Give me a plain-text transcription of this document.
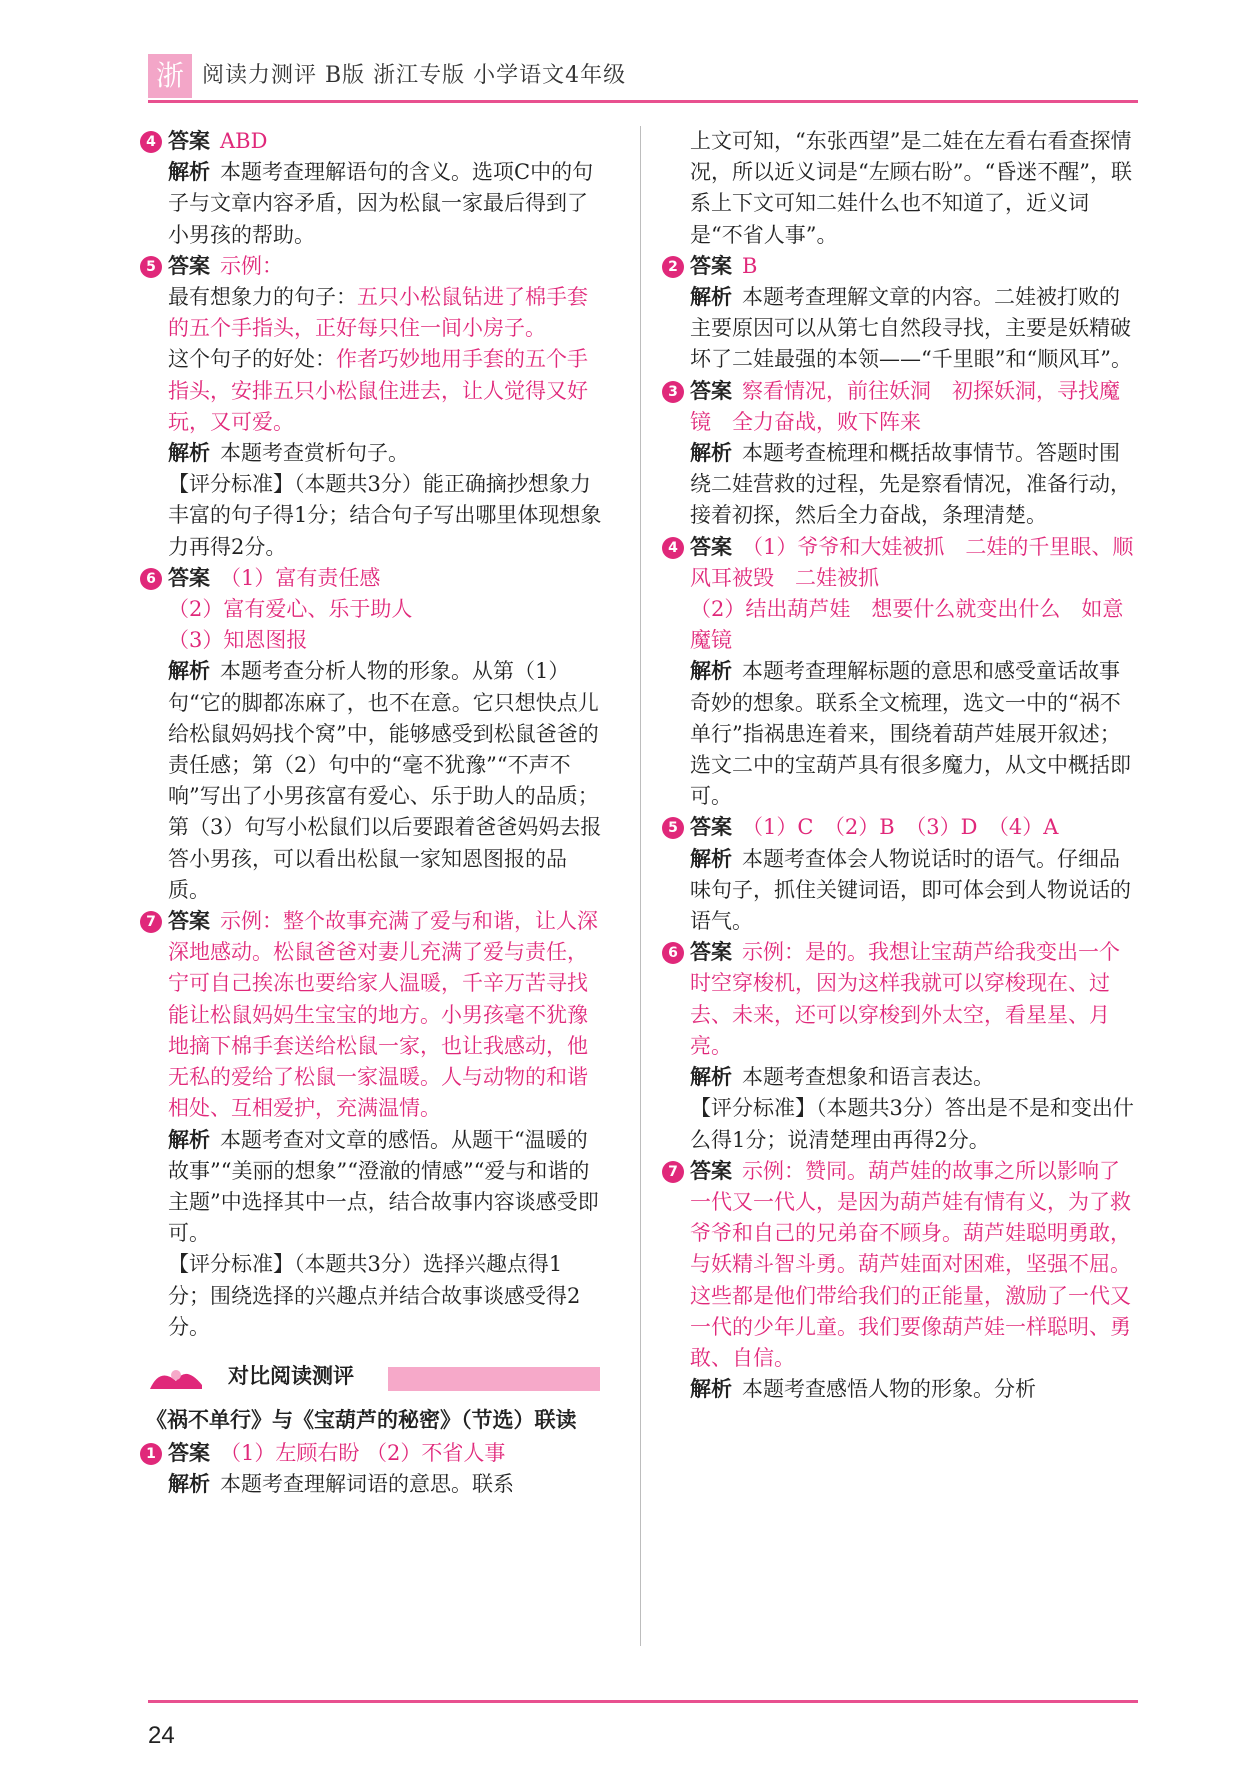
浙 阅读力测评 B版 浙江专版 小学语文4年级
4 答案 ABD

解析 本题考查理解语句的含义。选项C中的句子与文章内容矛盾，因为松鼠一家最后得到了小男孩的帮助。

5 答案 示例：

最有想象力的句子：五只小松鼠钻进了棉手套的五个手指头，正好每只住一间小房子。

这个句子的好处：作者巧妙地用手套的五个手指头，安排五只小松鼠住进去，让人觉得又好玩，又可爱。

解析 本题考查赏析句子。

【评分标准】（本题共3分）能正确摘抄想象力丰富的句子得1分；结合句子写出哪里体现想象力再得2分。

6 答案 （1）富有责任感

（2）富有爱心、乐于助人

（3）知恩图报

解析 本题考查分析人物的形象。从第（1）句“它的脚都冻麻了，也不在意。它只想快点儿给松鼠妈妈找个窝”中，能够感受到松鼠爸爸的责任感；第（2）句中的“毫不犹豫”“不声不响”写出了小男孩富有爱心、乐于助人的品质；第（3）句写小松鼠们以后要跟着爸爸妈妈去报答小男孩，可以看出松鼠一家知恩图报的品质。

7 答案 示例：整个故事充满了爱与和谐，让人深深地感动。松鼠爸爸对妻儿充满了爱与责任，宁可自己挨冻也要给家人温暖，千辛万苦寻找能让松鼠妈妈生宝宝的地方。小男孩毫不犹豫地摘下棉手套送给松鼠一家，也让我感动，他无私的爱给了松鼠一家温暖。人与动物的和谐相处、互相爱护，充满温情。

解析 本题考查对文章的感悟。从题干“温暖的故事”“美丽的想象”“澄澈的情感”“爱与和谐的主题”中选择其中一点，结合故事内容谈感受即可。

【评分标准】（本题共3分）选择兴趣点得1分；围绕选择的兴趣点并结合故事谈感受得2分。

对比阅读测评
《祸不单行》与《宝葫芦的秘密》（节选）联读
1 答案 （1）左顾右盼 （2）不省人事

解析 本题考查理解词语的意思。联系

上文可知，“东张西望”是二娃在左看右看查探情况，所以近义词是“左顾右盼”。“昏迷不醒”，联系上下文可知二娃什么也不知道了，近义词是“不省人事”。

2 答案 B

解析 本题考查理解文章的内容。二娃被打败的主要原因可以从第七自然段寻找，主要是妖精破坏了二娃最强的本领——“千里眼”和“顺风耳”。

3 答案 察看情况，前往妖洞　初探妖洞，寻找魔镜　全力奋战，败下阵来

解析 本题考查梳理和概括故事情节。答题时围绕二娃营救的过程，先是察看情况，准备行动，接着初探，然后全力奋战，条理清楚。

4 答案 （1）爷爷和大娃被抓　二娃的千里眼、顺风耳被毁　二娃被抓

（2）结出葫芦娃　想要什么就变出什么　如意　魔镜

解析 本题考查理解标题的意思和感受童话故事奇妙的想象。联系全文梳理，选文一中的“祸不单行”指祸患连着来，围绕着葫芦娃展开叙述；选文二中的宝葫芦具有很多魔力，从文中概括即可。

5 答案 （1）C　（2）B　（3）D　（4）A

解析 本题考查体会人物说话时的语气。仔细品味句子，抓住关键词语，即可体会到人物说话的语气。

6 答案 示例：是的。我想让宝葫芦给我变出一个时空穿梭机，因为这样我就可以穿梭现在、过去、未来，还可以穿梭到外太空，看星星、月亮。

解析 本题考查想象和语言表达。

【评分标准】（本题共3分）答出是不是和变出什么得1分；说清楚理由再得2分。

7 答案 示例：赞同。葫芦娃的故事之所以影响了一代又一代人，是因为葫芦娃有情有义，为了救爷爷和自己的兄弟奋不顾身。葫芦娃聪明勇敢，与妖精斗智斗勇。葫芦娃面对困难，坚强不屈。这些都是他们带给我们的正能量，激励了一代又一代的少年儿童。我们要像葫芦娃一样聪明、勇敢、自信。

解析 本题考查感悟人物的形象。分析

24
